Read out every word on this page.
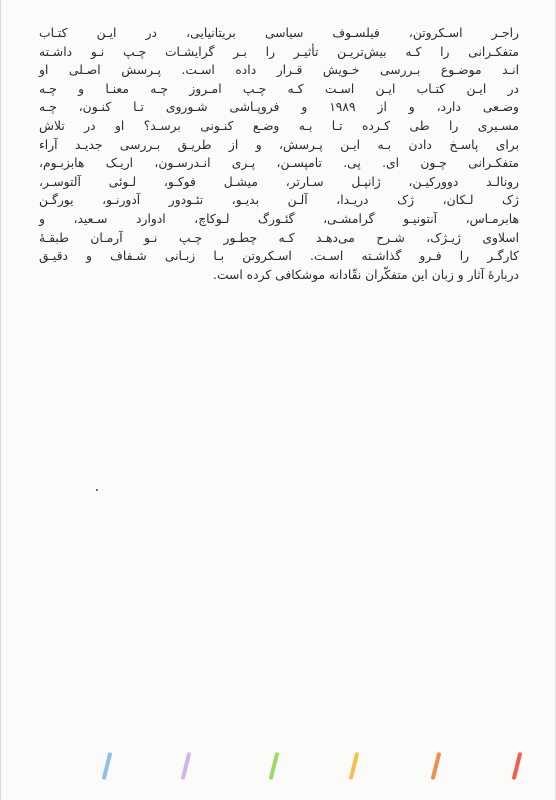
راجـر اسـکروتن، فیلسـوف سیاسی بریتانیایی، در ایـن کتـاب
متفکـرانی را کـه بیش‌تریـن تأثیـر را بـر گرایشـات چـپ نـو داشـته
انـد موضـوع بـررسی خـویش قـرار داده اسـت. پـرسش اصـلی او
در ایـن کتـاب ایـن اسـت کـه چـپ امـروز چـه معنـا و چـه
وضـعی دارد، و از ۱۹۸۹ و فروپـاشی شـوروی تـا کنـون، چـه
مسـیری را طی کـرده تـا بـه وضـع کنـونی برسـد؟ او در تلاش
برای پاسـخ دادن بـه ایـن پـرسش، و از طریـق بـررسی جدیـد آراء
متفکـرانی چـون ای. پی. تامپسـن، پـری انـدرسـون، اریـک هابزبـوم،
رونالـد دووركيـن، ژانپـل سـارتر، میشـل فوکـو، لـوئی آلتوسـر،
ژک لـکان، ژک دریـدا، آلـن بدیـو، تئـودور آدورنـو، یورگـن
هابرمـاس، آنتونیـو گرامشـی، گئـورگ لـوکاچ، ادوارد سـعید، و
اسلاوی ژیـژک، شـرح می‌دهـد کـه چطـور چـپ نـو آرمـان طبقـهٔ
کارگـر را فـرو گذاشـته اسـت. اسـکروتن بـا زبـانی شـفاف و دقیـق
دربارهٔ آثار و زبان این متفکّران نقّادانه موشکافی کرده است.
